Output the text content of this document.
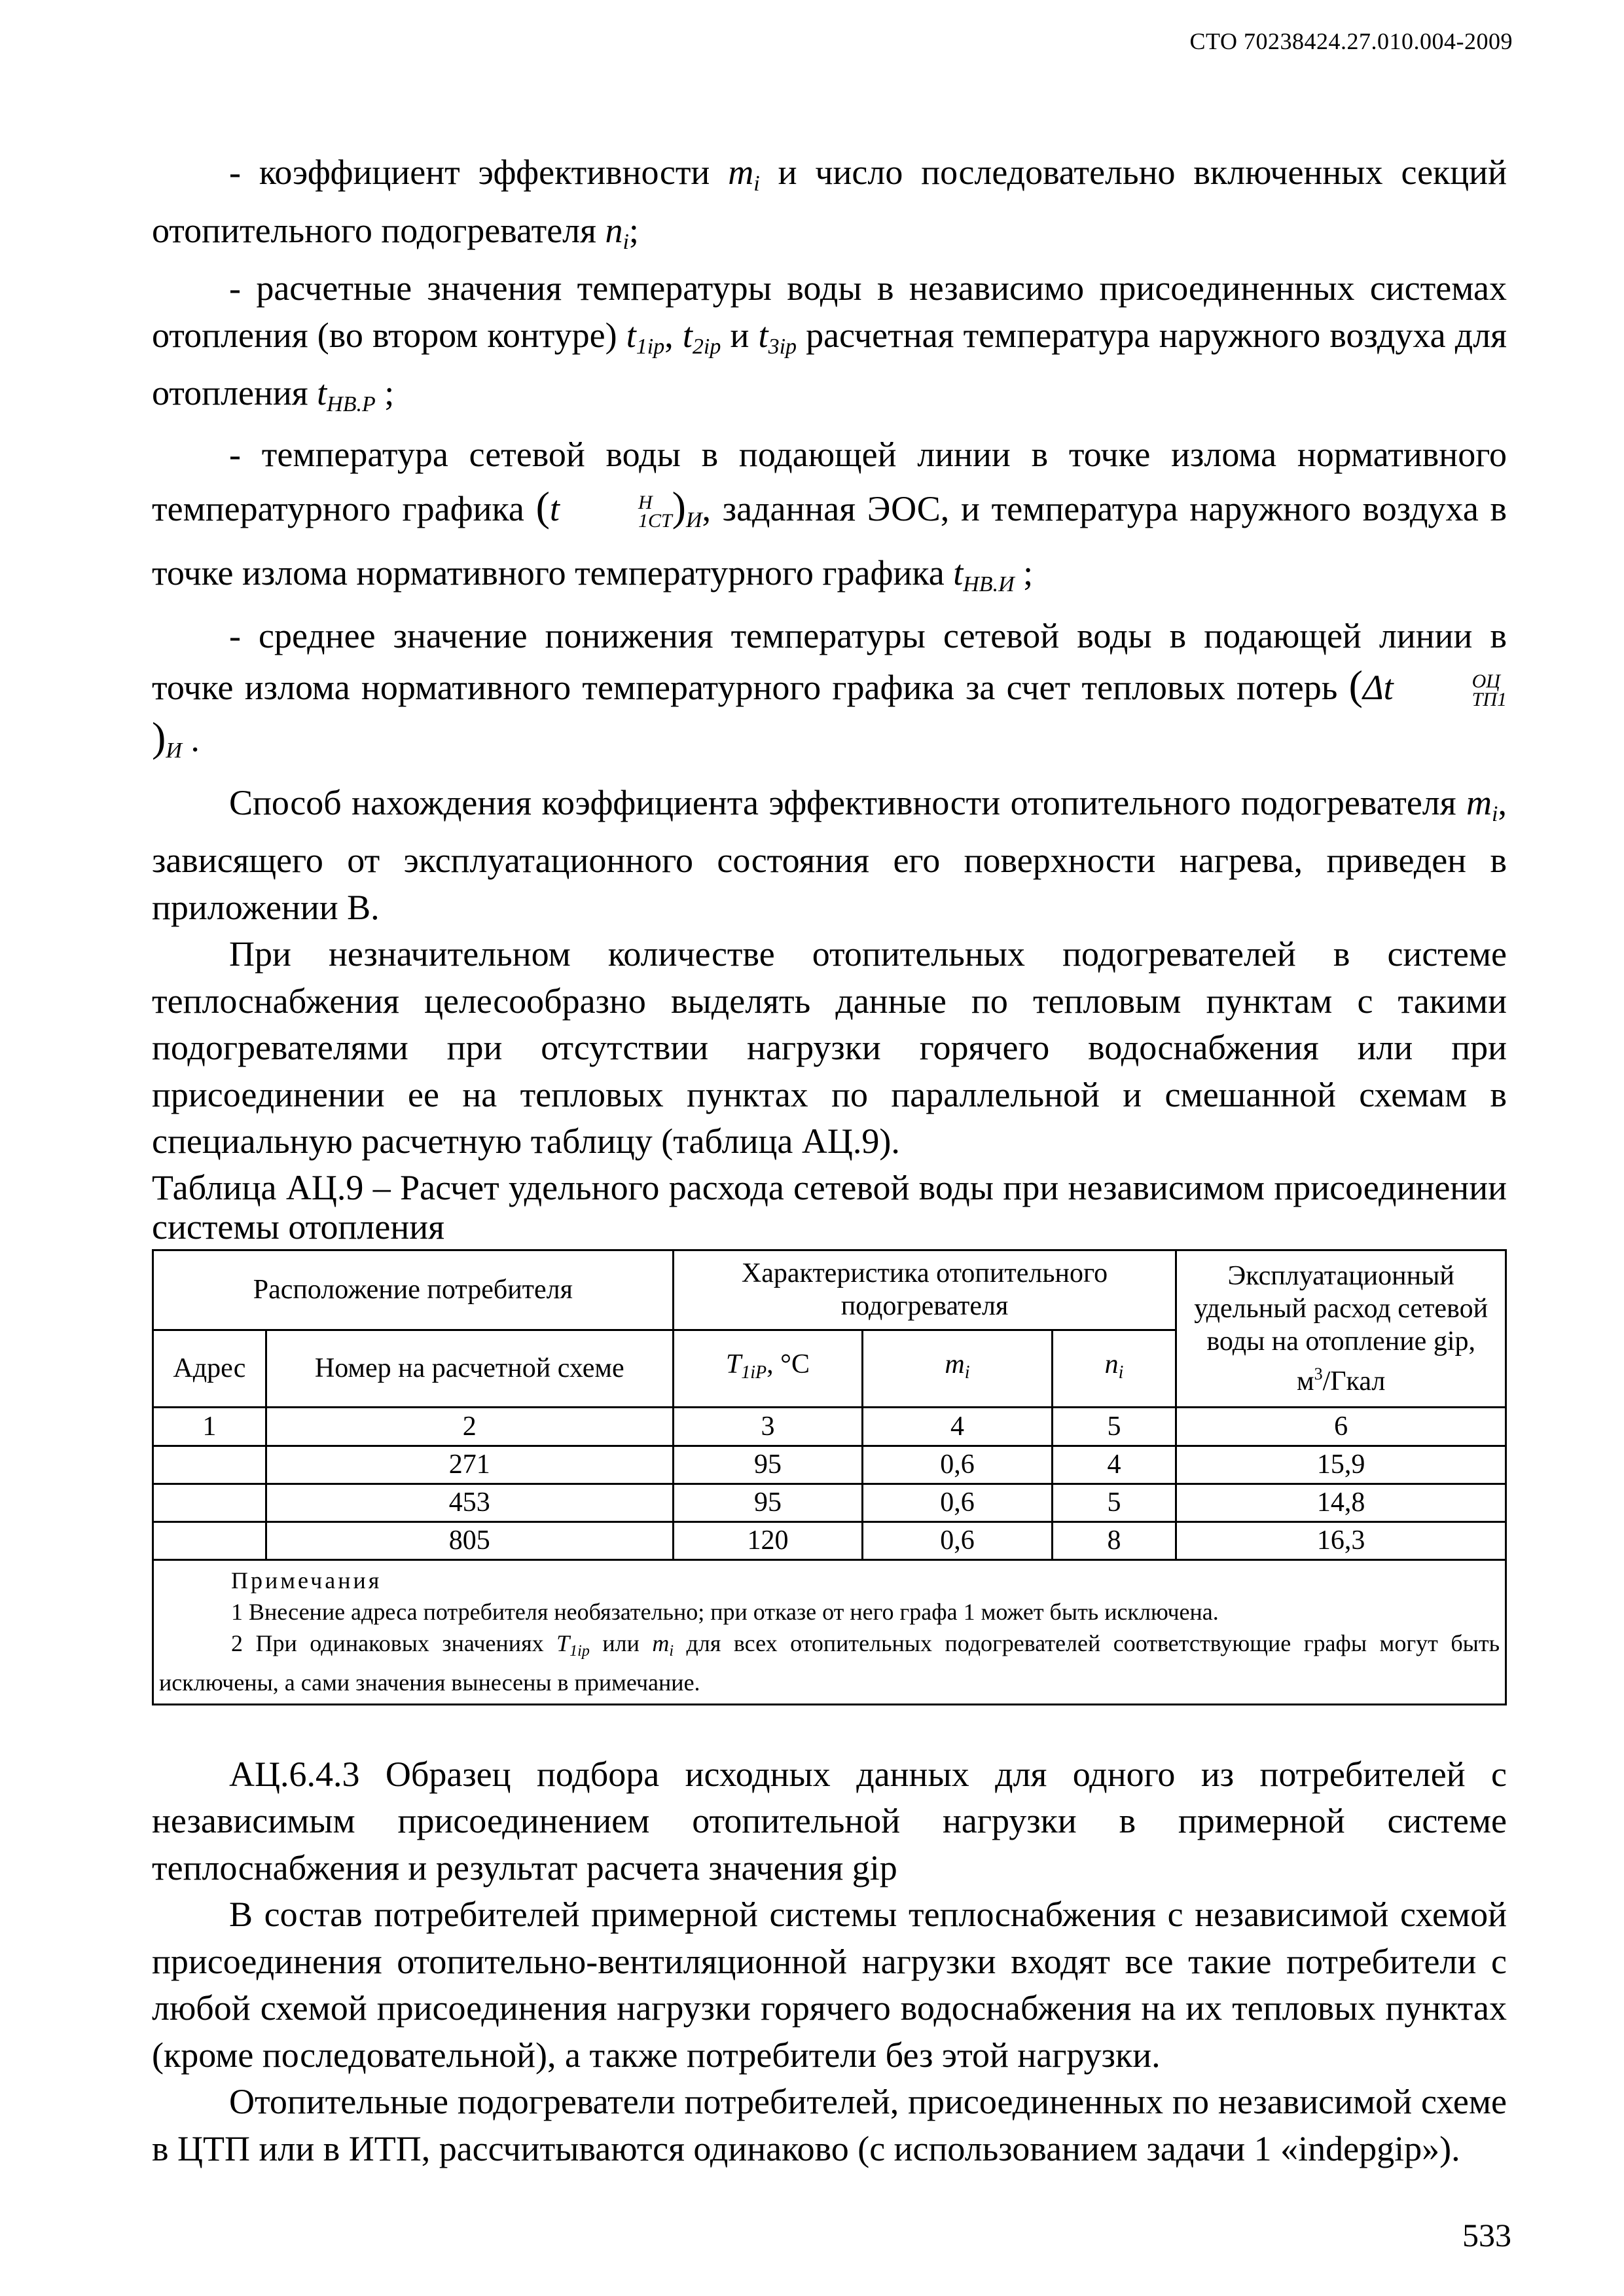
СТО 70238424.27.010.004-2009

- коэффициент эффективности $m_i$ и число последовательно включенных секций отопительного подогревателя $n_i$;

- расчетные значения температуры воды в независимо присоединенных системах отопления (во втором контуре) $t_{1iр}$, $t_{2iр}$ и $t_{3iр}$ расчетная температура наружного воздуха для отопления $t_{НВ.Р}$ ;

- температура сетевой воды в подающей линии в точке излома нормативного температурного графика (t	Н
1СТ )$_И$, заданная ЭОС, и температура наружного воздуха в точке излома нормативного температурного графика $t_{НВ.И}$ ;

- среднее значение понижения температуры сетевой воды в подающей линии в точке излома нормативного температурного графика за счет тепловых потерь (Δt	ОЦ
ТП1
)$_И$ .

Способ нахождения коэффициента эффективности отопительного подогревателя $m_i$, зависящего от эксплуатационного состояния его поверхности нагрева, приведен в приложении В.

При незначительном количестве отопительных подогревателей в системе теплоснабжения целесообразно выделять данные по тепловым пунктам с такими подогревателями при отсутствии нагрузки горячего водоснабжения или при присоединении ее на тепловых пунктах по параллельной и смешанной схемам в специальную расчетную таблицу (таблица АЦ.9).

Таблица АЦ.9 – Расчет удельного расхода сетевой воды при независимом присоединении системы отопления

Расположение потребителя		Характеристика отопительного подогревателя			Эксплуатационный удельный расход сетевой воды на отопление gip,
$м^3$/Гкал
Адрес	Номер на расчетной схеме	$T_{1iP}$, °С	$m_i$	$n_i$
1	2	3	4	5	6
	271	95	0,6	4	15,9
	453	95	0,6	5	14,8
	805	120	0,6	8	16,3

Примечания
1 Внесение адреса потребителя необязательно; при отказе от него графа 1 может быть исключена.
2 При одинаковых значениях $T_{1ip}$ или $m_i$ для всех отопительных подогревателей соответствующие графы могут быть исключены, а сами значения вынесены в примечание.					

АЦ.6.4.3 Образец подбора исходных данных для одного из потребителей с независимым присоединением отопительной нагрузки в примерной системе теплоснабжения и результат расчета значения gip

В состав потребителей примерной системы теплоснабжения с независимой схемой присоединения отопительно-вентиляционной нагрузки входят все такие потребители с любой схемой присоединения нагрузки горячего водоснабжения на их тепловых пунктах (кроме последовательной), а также потребители без этой нагрузки.

Отопительные подогреватели потребителей, присоединенных по независимой схеме в ЦТП или в ИТП, рассчитываются одинаково (с использованием задачи 1 «indepgip»).

533
